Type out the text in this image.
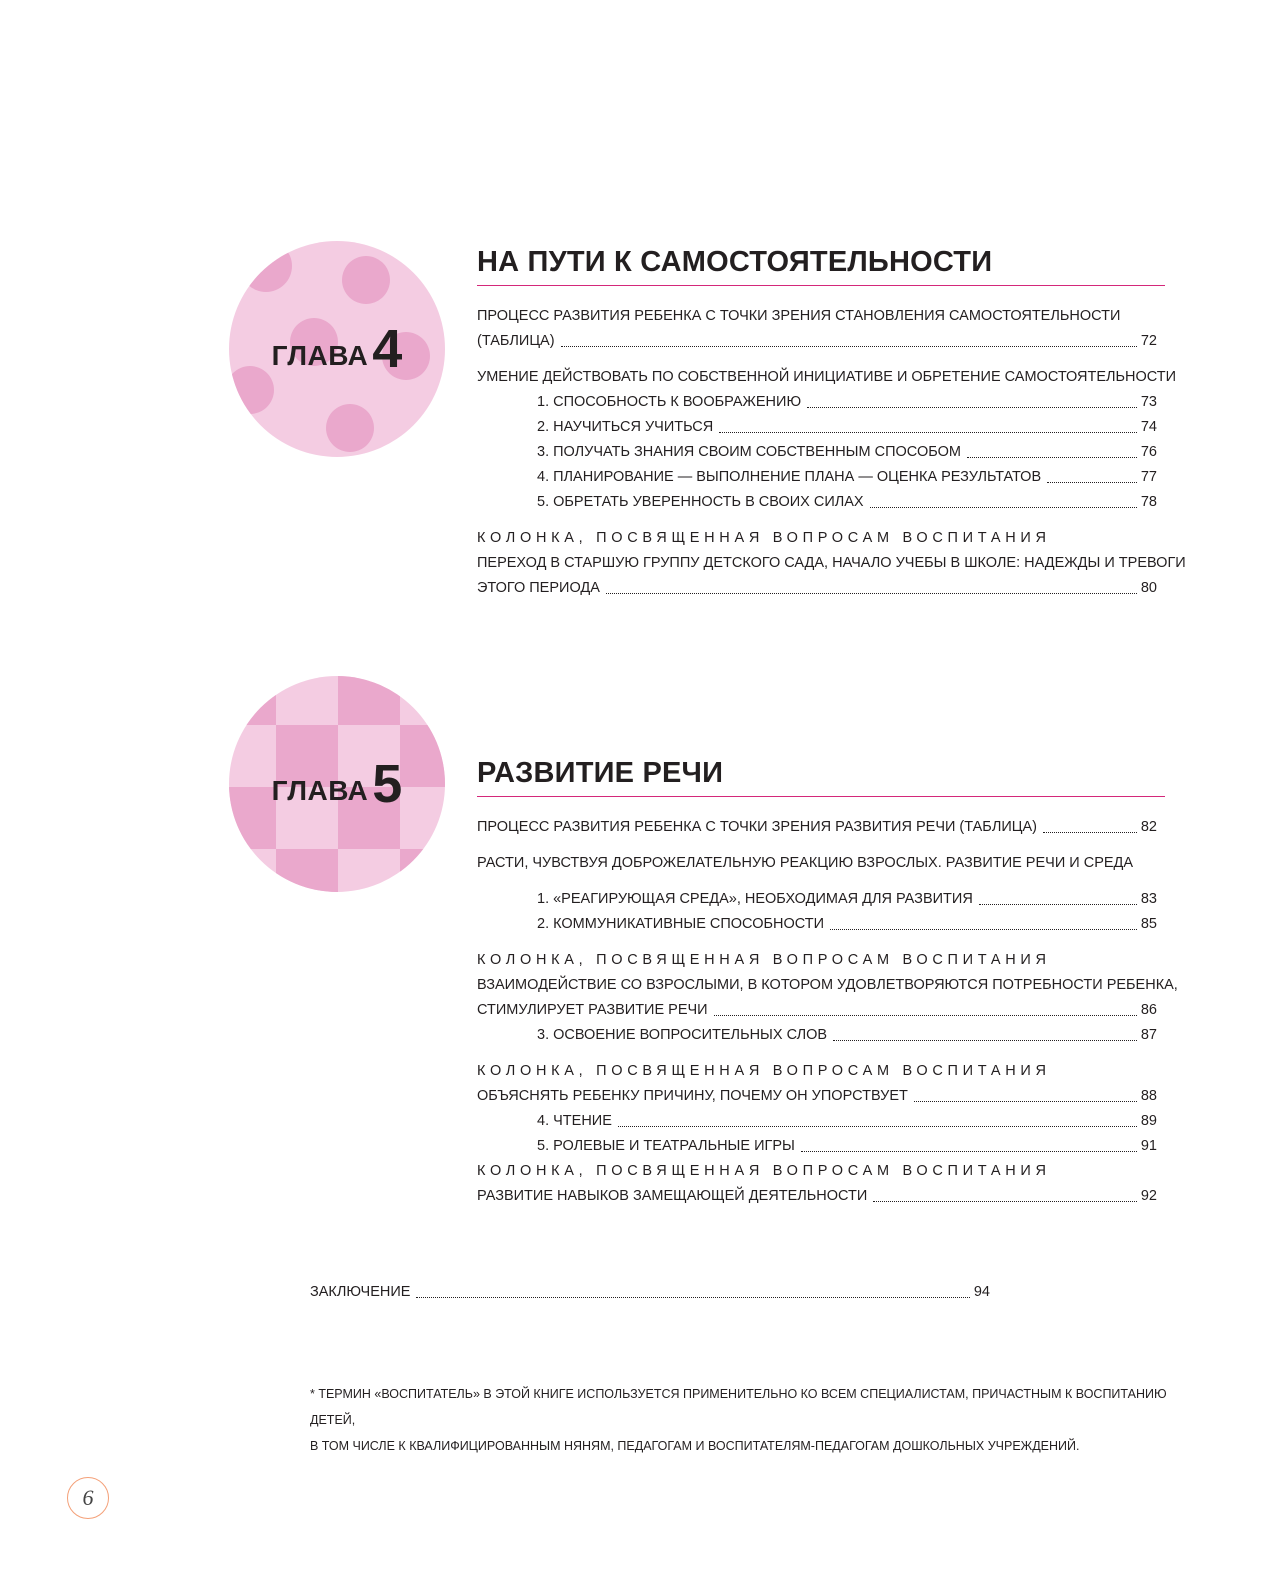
ГЛАВА 4
НА ПУТИ К САМОСТОЯТЕЛЬНОСТИ
ПРОЦЕСС РАЗВИТИЯ РЕБЕНКА С ТОЧКИ ЗРЕНИЯ СТАНОВЛЕНИЯ САМОСТОЯТЕЛЬНОСТИ
(ТАБЛИЦА)	72
УМЕНИЕ ДЕЙСТВОВАТЬ ПО СОБСТВЕННОЙ ИНИЦИАТИВЕ И ОБРЕТЕНИЕ САМОСТОЯТЕЛЬНОСТИ
1. СПОСОБНОСТЬ К ВООБРАЖЕНИЮ	73
2. НАУЧИТЬСЯ УЧИТЬСЯ	74
3. ПОЛУЧАТЬ ЗНАНИЯ СВОИМ СОБСТВЕННЫМ СПОСОБОМ	76
4. ПЛАНИРОВАНИЕ — ВЫПОЛНЕНИЕ ПЛАНА — ОЦЕНКА РЕЗУЛЬТАТОВ	77
5. ОБРЕТАТЬ УВЕРЕННОСТЬ В СВОИХ СИЛАХ	78
КОЛОНКА, ПОСВЯЩЕННАЯ ВОПРОСАМ ВОСПИТАНИЯ
ПЕРЕХОД В СТАРШУЮ ГРУППУ ДЕТСКОГО САДА, НАЧАЛО УЧЕБЫ В ШКОЛЕ: НАДЕЖДЫ И ТРЕВОГИ
ЭТОГО ПЕРИОДА	80
ГЛАВА 5	РАЗВИТИЕ РЕЧИ
ПРОЦЕСС РАЗВИТИЯ РЕБЕНКА С ТОЧКИ ЗРЕНИЯ РАЗВИТИЯ РЕЧИ (ТАБЛИЦА)	82
РАСТИ, ЧУВСТВУЯ ДОБРОЖЕЛАТЕЛЬНУЮ РЕАКЦИЮ ВЗРОСЛЫХ. РАЗВИТИЕ РЕЧИ И СРЕДА
1. «РЕАГИРУЮЩАЯ СРЕДА», НЕОБХОДИМАЯ ДЛЯ РАЗВИТИЯ	83
2. КОММУНИКАТИВНЫЕ СПОСОБНОСТИ	85
КОЛОНКА, ПОСВЯЩЕННАЯ ВОПРОСАМ ВОСПИТАНИЯ
ВЗАИМОДЕЙСТВИЕ СО ВЗРОСЛЫМИ, В КОТОРОМ УДОВЛЕТВОРЯЮТСЯ ПОТРЕБНОСТИ РЕБЕНКА,
СТИМУЛИРУЕТ РАЗВИТИЕ РЕЧИ	86
3. ОСВОЕНИЕ ВОПРОСИТЕЛЬНЫХ СЛОВ	87
КОЛОНКА, ПОСВЯЩЕННАЯ ВОПРОСАМ ВОСПИТАНИЯ
ОБЪЯСНЯТЬ РЕБЕНКУ ПРИЧИНУ, ПОЧЕМУ ОН УПОРСТВУЕТ	88
4. ЧТЕНИЕ	89
5. РОЛЕВЫЕ И ТЕАТРАЛЬНЫЕ ИГРЫ	91
КОЛОНКА, ПОСВЯЩЕННАЯ ВОПРОСАМ ВОСПИТАНИЯ
РАЗВИТИЕ НАВЫКОВ ЗАМЕЩАЮЩЕЙ ДЕЯТЕЛЬНОСТИ	92
ЗАКЛЮЧЕНИЕ	94
* ТЕРМИН «ВОСПИТАТЕЛЬ» В ЭТОЙ КНИГЕ ИСПОЛЬЗУЕТСЯ ПРИМЕНИТЕЛЬНО КО ВСЕМ СПЕЦИАЛИСТАМ, ПРИЧАСТНЫМ К ВОСПИТАНИЮ ДЕТЕЙ,
В ТОМ ЧИСЛЕ К КВАЛИФИЦИРОВАННЫМ НЯНЯМ, ПЕДАГОГАМ И ВОСПИТАТЕЛЯМ-ПЕДАГОГАМ ДОШКОЛЬНЫХ УЧРЕЖДЕНИЙ.
6
